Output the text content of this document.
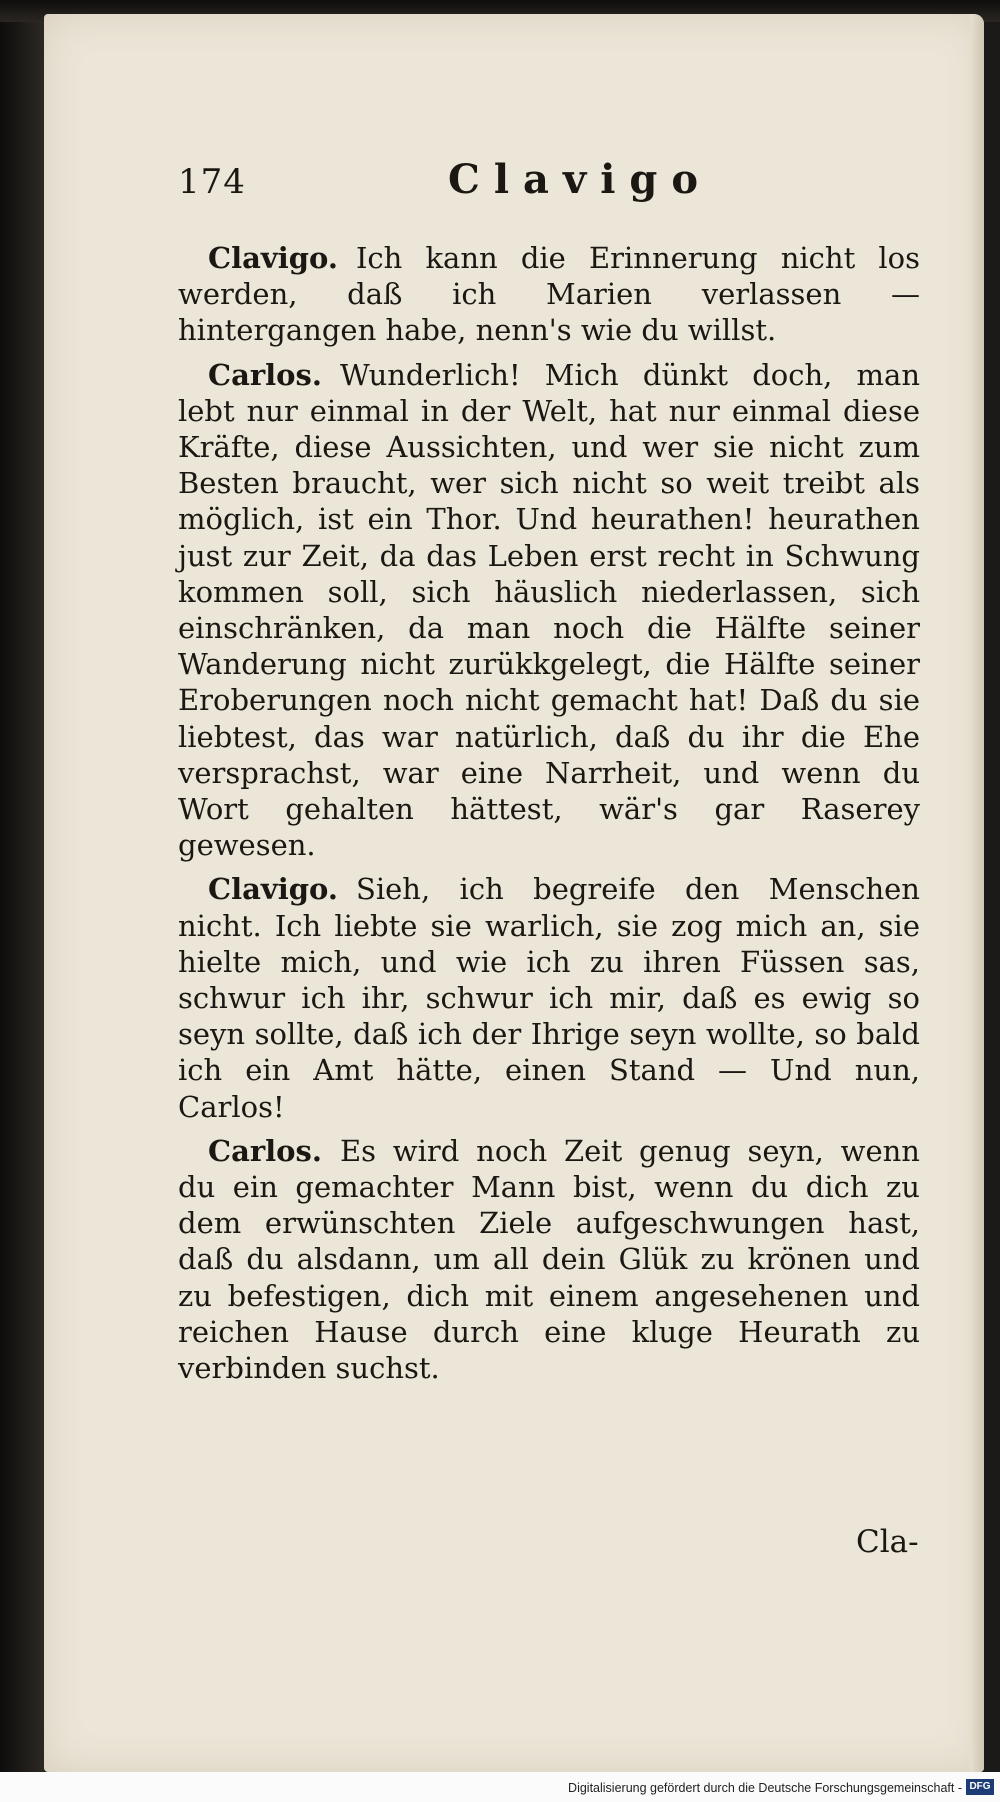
174	Clavigo

Clavigo. Ich kann die Erinnerung nicht los werden, daß ich Marien verlassen — hintergangen habe, nenn's wie du willst.

Carlos. Wunderlich! Mich dünkt doch, man lebt nur einmal in der Welt, hat nur einmal diese Kräfte, diese Aussichten, und wer sie nicht zum Besten braucht, wer sich nicht so weit treibt als möglich, ist ein Thor. Und heurathen! heurathen just zur Zeit, da das Leben erst recht in Schwung kommen soll, sich häuslich niederlassen, sich einschränken, da man noch die Hälfte seiner Wanderung nicht zurükkgelegt, die Hälfte seiner Eroberungen noch nicht gemacht hat! Daß du sie liebtest, das war natürlich, daß du ihr die Ehe versprachst, war eine Narrheit, und wenn du Wort gehalten hättest, wär's gar Raserey gewesen.

Clavigo. Sieh, ich begreife den Menschen nicht. Ich liebte sie warlich, sie zog mich an, sie hielte mich, und wie ich zu ihren Füssen sas, schwur ich ihr, schwur ich mir, daß es ewig so seyn sollte, daß ich der Ihrige seyn wollte, so bald ich ein Amt hätte, einen Stand — Und nun, Carlos!

Carlos. Es wird noch Zeit genug seyn, wenn du ein gemachter Mann bist, wenn du dich zu dem erwünschten Ziele aufgeschwungen hast, daß du alsdann, um all dein Glük zu krönen und zu befestigen, dich mit einem angesehenen und reichen Hause durch eine kluge Heurath zu verbinden suchst.

Cla-
Digitalisierung gefördert durch die Deutsche Forschungsgemeinschaft - DFG
